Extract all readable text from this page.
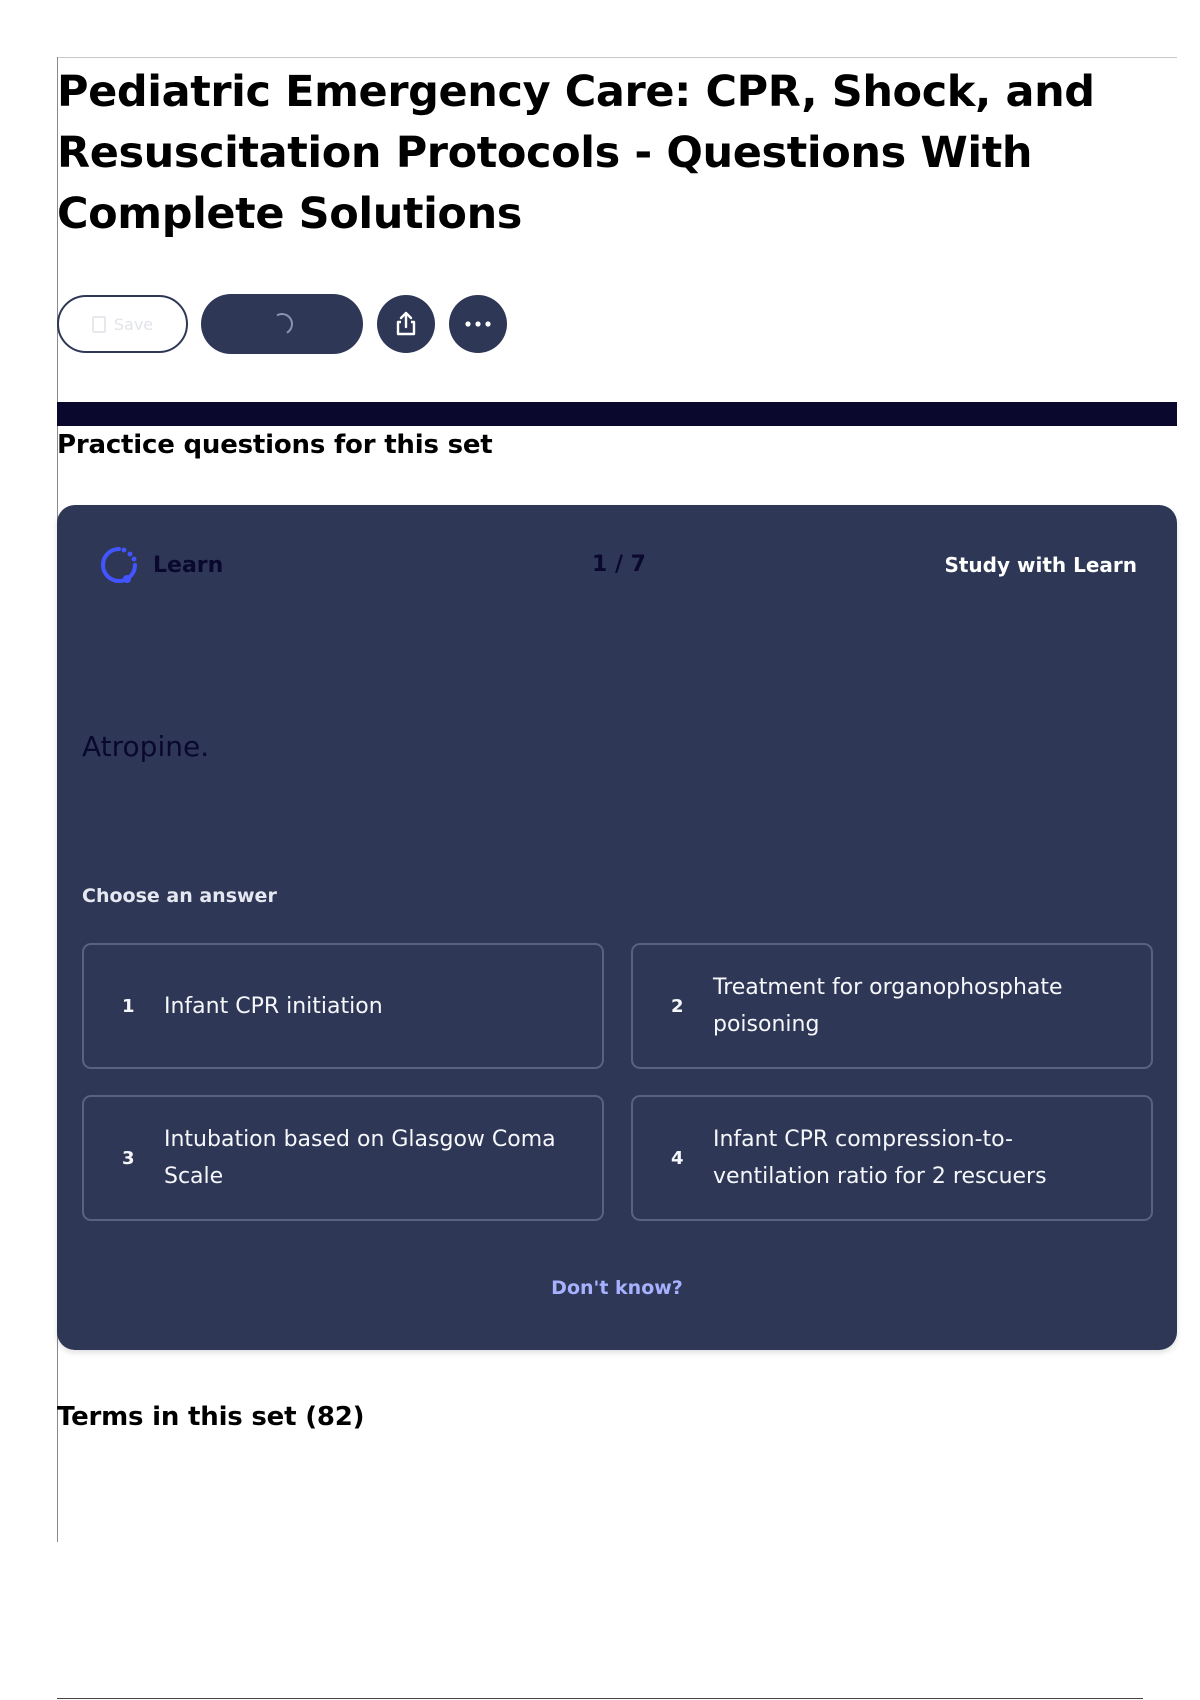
Pediatric Emergency Care: CPR, Shock, and Resuscitation Protocols - Questions With Complete Solutions
Save
Practice questions for this set
Learn	1 / 7	Study with Learn
Atropine.
Choose an answer
1	Infant CPR initiation	2
Treatment for organophosphate poisoning
3
Intubation based on Glasgow Coma Scale
4
Infant CPR compression-to-ventilation ratio for 2 rescuers
Don't know?
Terms in this set (82)
